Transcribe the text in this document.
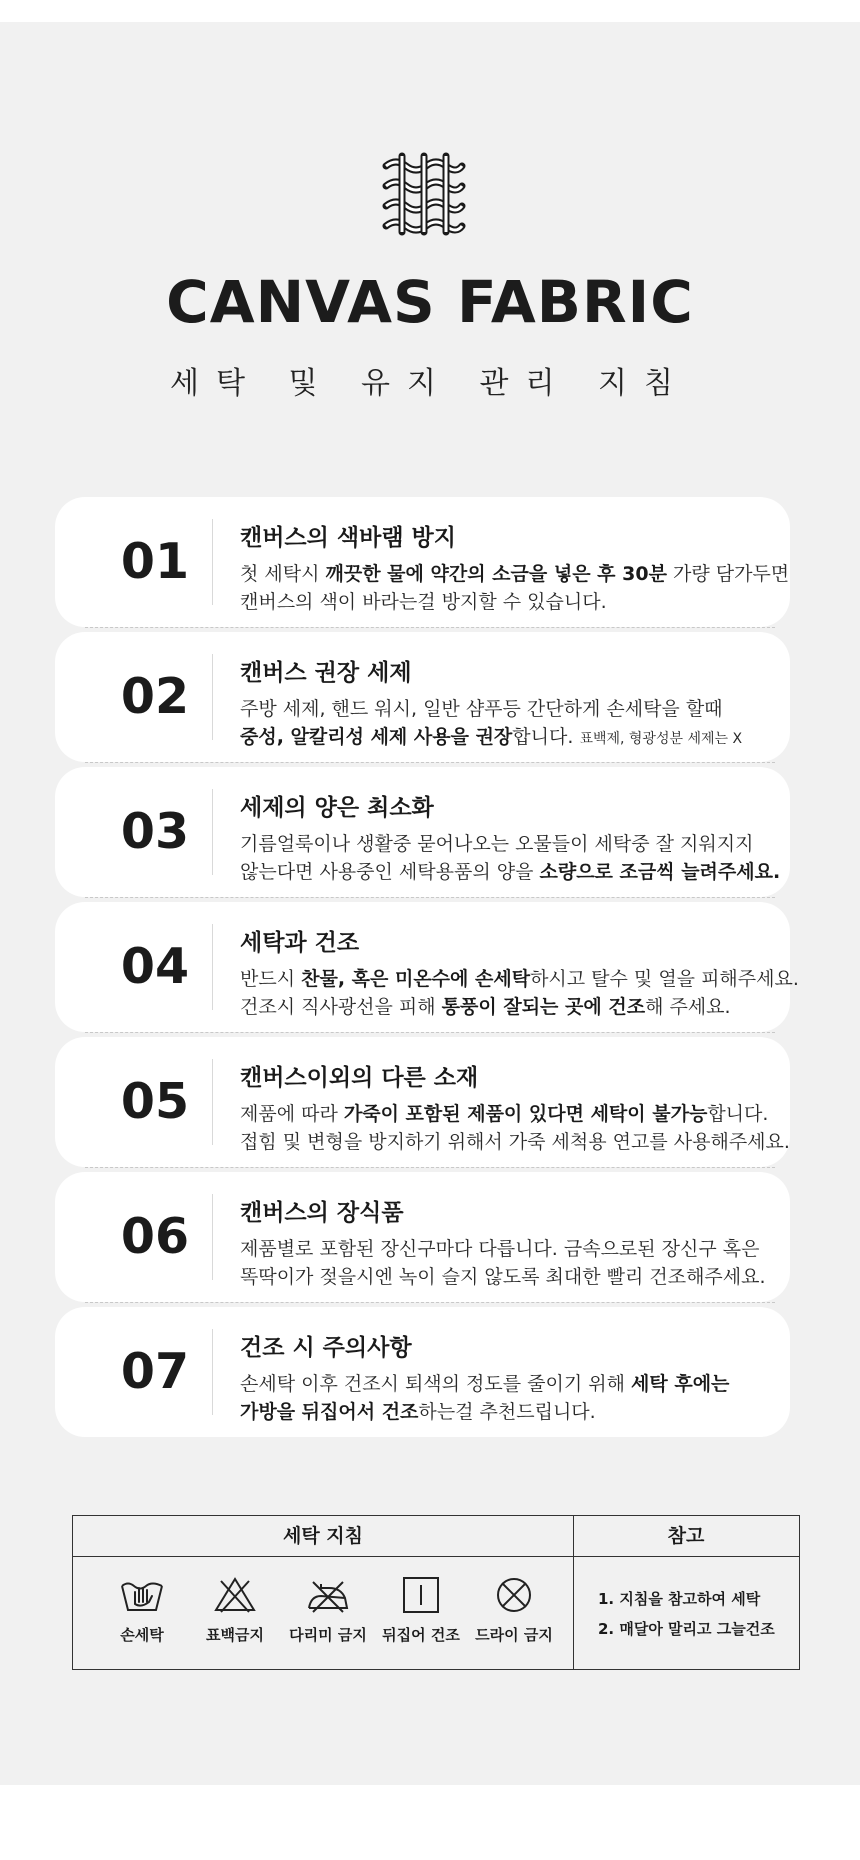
CANVAS FABRIC
세탁 및 유지 관리 지침
01	캔버스의 색바램 방지
첫 세탁시 깨끗한 물에 약간의 소금을 넣은 후 30분 가량 담가두면
캔버스의 색이 바라는걸 방지할 수 있습니다.
02	캔버스 권장 세제
주방 세제, 핸드 워시, 일반 샴푸등 간단하게 손세탁을 할때
중성, 알칼리성 세제 사용을 권장합니다. 표백제, 형광성분 세제는 X
03	세제의 양은 최소화
기름얼룩이나 생활중 묻어나오는 오물들이 세탁중 잘 지워지지
않는다면 사용중인 세탁용품의 양을 소량으로 조금씩 늘려주세요.
04	세탁과 건조
반드시 찬물, 혹은 미온수에 손세탁하시고 탈수 및 열을 피해주세요.
건조시 직사광선을 피해 통풍이 잘되는 곳에 건조해 주세요.
05	캔버스이외의 다른 소재
제품에 따라 가죽이 포함된 제품이 있다면 세탁이 불가능합니다.
접힘 및 변형을 방지하기 위해서 가죽 세척용 연고를 사용해주세요.
06	캔버스의 장식품
제품별로 포함된 장신구마다 다릅니다. 금속으로된 장신구 혹은
똑딱이가 젖을시엔 녹이 슬지 않도록 최대한 빨리 건조해주세요.
07	건조 시 주의사항
손세탁 이후 건조시 퇴색의 정도를 줄이기 위해 세탁 후에는
가방을 뒤집어서 건조하는걸 추천드립니다.
세탁 지침	참고
손세탁	표백금지	다리미 금지	뒤집어 건조	드라이 금지
1. 지침을 참고하여 세탁
2. 매달아 말리고 그늘건조
